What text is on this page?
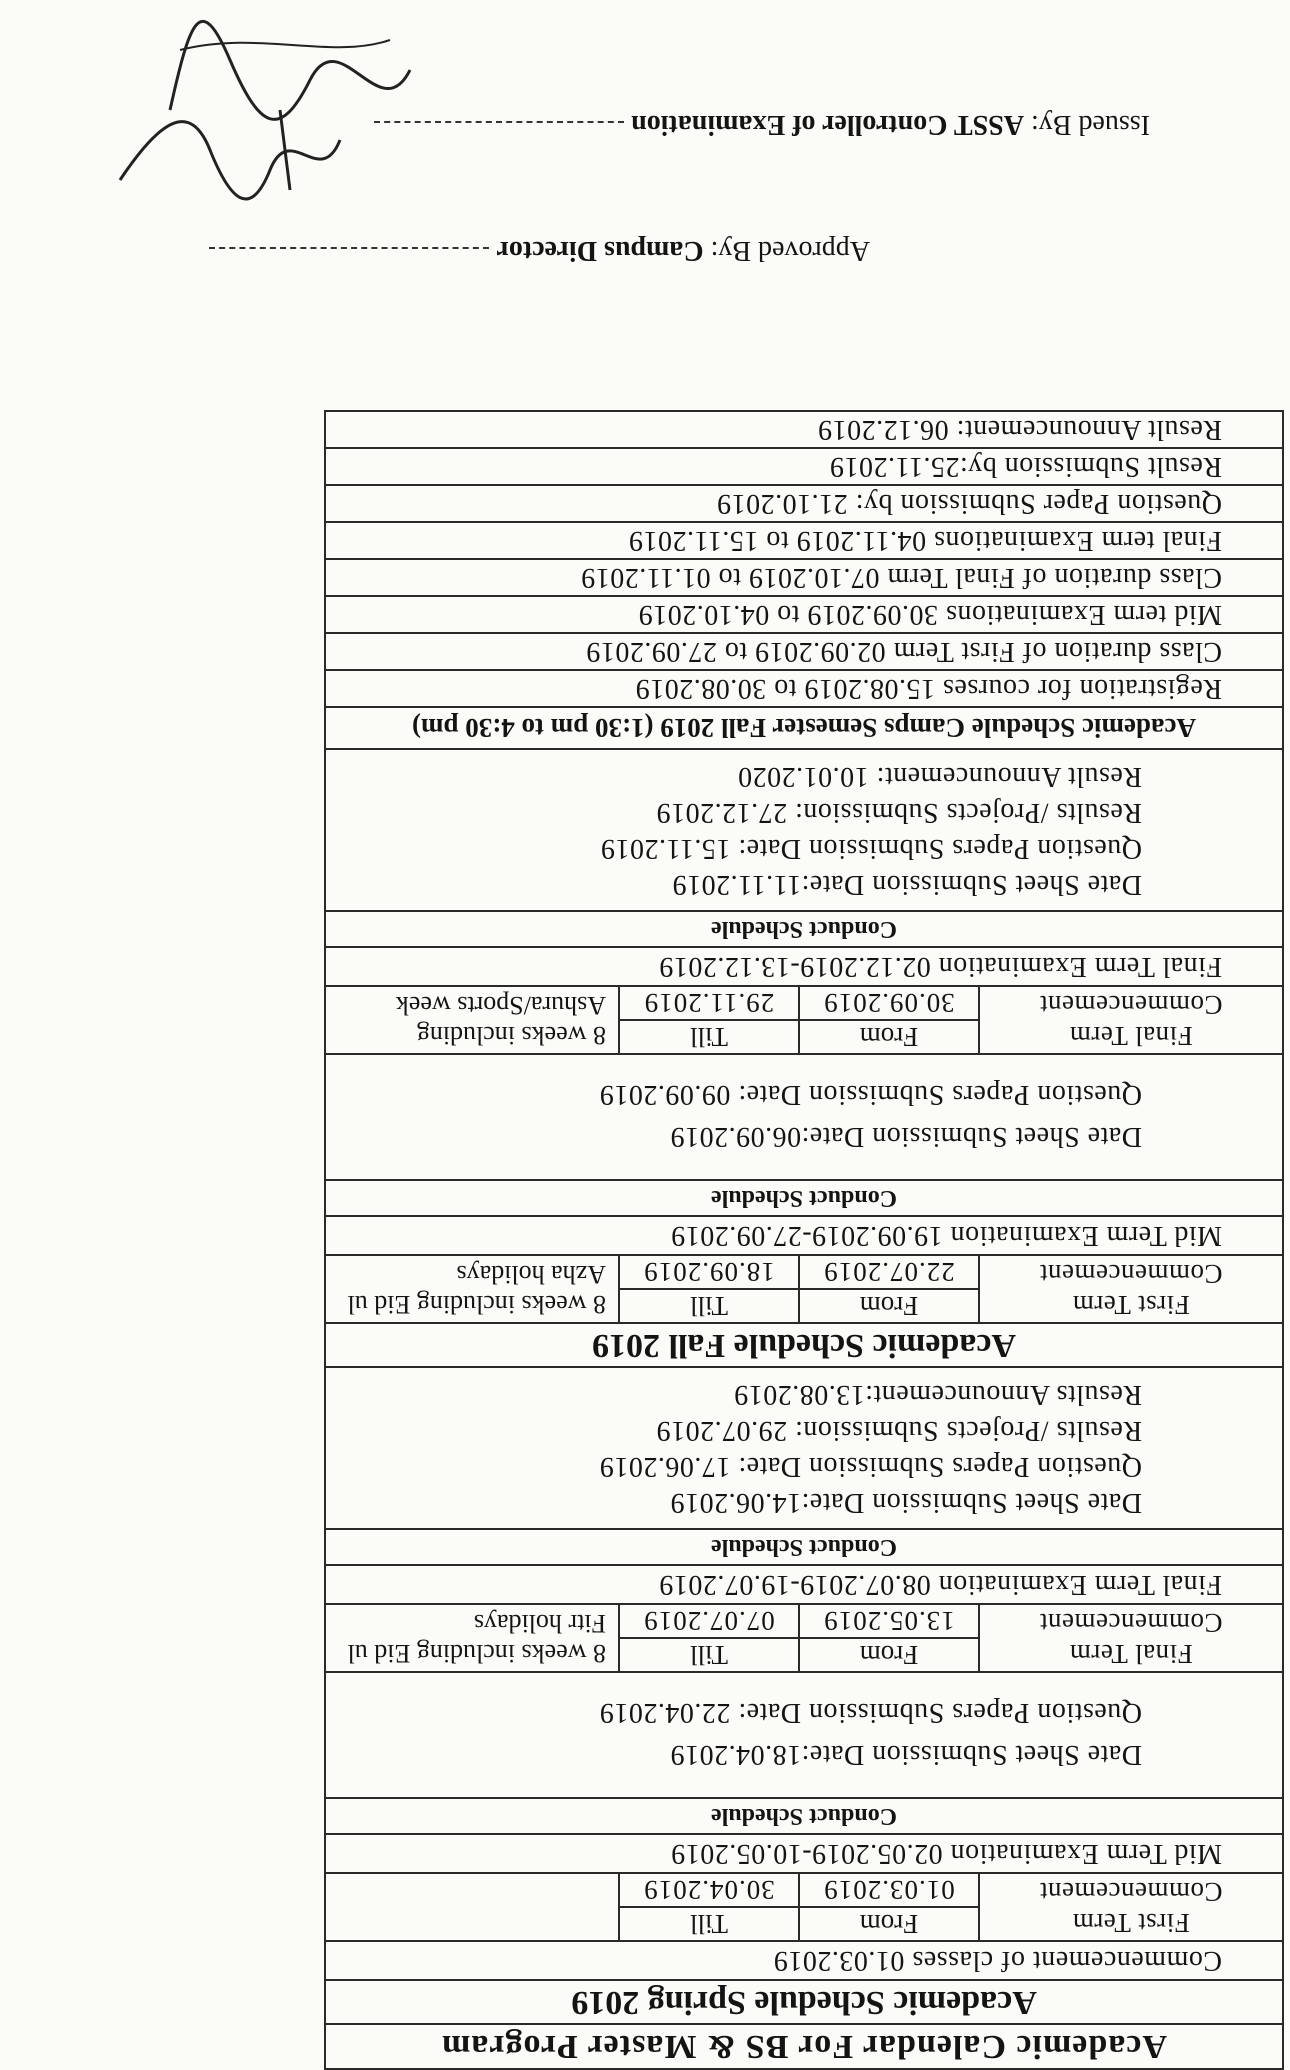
Academic Calendar For BS & Master Program			
Academic Schedule Spring 2019			
Commencement of classes 01.03.2019			
First Term Commencement	From	Till	
	01.03.2019	30.04.2019	
Mid Term Examination 02.05.2019-10.05.2019			
Conduct Schedule			

Date Sheet Submission Date:18.04.2019
Question Papers Submission Date: 22.04.2019			

Final Term Commencement	From	Till	8 weeks including Eid ul Fitr holidays
	13.05.2019	07.07.2019	
Final Term Examination 08.07.2019-19.07.2019			
Conduct Schedule			

Date Sheet Submission Date:14.06.2019
Question Papers Submission Date: 17.06.2019
Results /Projects Submission: 29.07.2019
Results Announcement:13.08.2019			

Academic Schedule Fall 2019			
First Term Commencement	From	Till	8 weeks including Eid ul Azha holidays
	22.07.2019	18.09.2019	
Mid Term Examination 19.09.2019-27.09.2019			
Conduct Schedule			

Date Sheet Submission Date:06.09.2019
Question Papers Submission Date: 09.09.2019			

Final Term Commencement	From	Till	8 weeks including Ashura/Sports week
	30.09.2019	29.11.2019	
Final Term Examination 02.12.2019-13.12.2019			
Conduct Schedule			

Date Sheet Submission Date:11.11.2019
Question Papers Submission Date: 15.11.2019
Results /Projects Submission: 27.12.2019
Result Announcement: 10.01.2020			

Academic Schedule Camps Semester Fall 2019 (1:30 pm to 4:30 pm)			
Registration for courses 15.08.2019 to 30.08.2019			
Class duration of First Term 02.09.2019 to 27.09.2019			
Mid term Examinations 30.09.2019 to 04.10.2019			
Class duration of Final Term 07.10.2019 to 01.11.2019			
Final term Examinations 04.11.2019 to 15.11.2019			
Question Paper Submission by: 21.10.2019			
Result Submission by:25.11.2019			
Result Announcement: 06.12.2019			
Issued By: ASST Controller of Examination
Approved By: Campus Director
